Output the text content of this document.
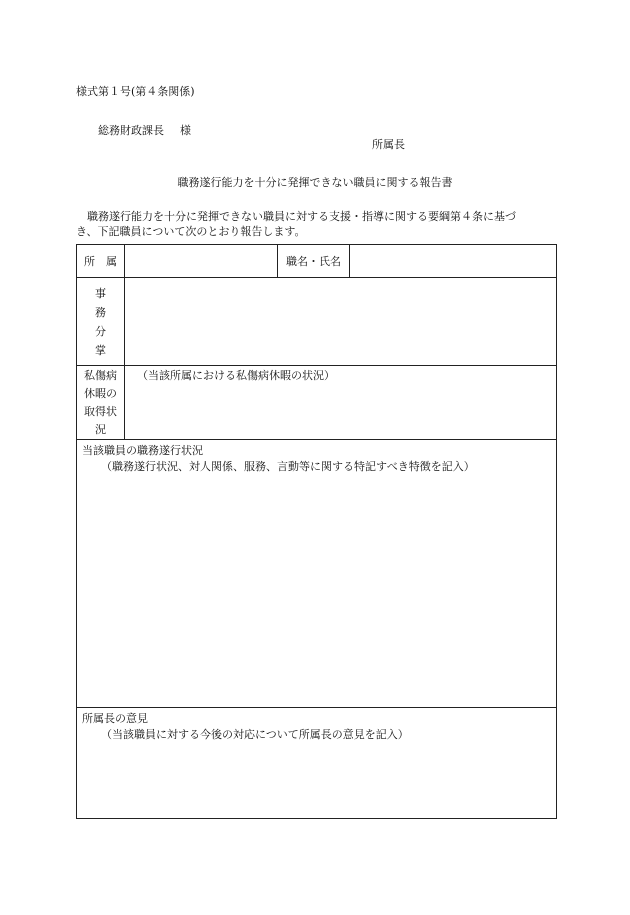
様式第１号(第４条関係)
総務財政課長 様
所属長
職務遂行能力を十分に発揮できない職員に関する報告書
職務遂行能力を十分に発揮できない職員に対する支援・指導に関する要綱第４条に基づ
き、下記職員について次のとおり報告します。
所　属		職名・氏名	

事
務
分
掌			

私傷病
休暇の
取得状
況	（当該所属における私傷病休暇の状況）		

当該職員の職務遂行状況
（職務遂行状況、対人関係、服務、言動等に関する特記すべき特徴を記入）			

所属長の意見
（当該職員に対する今後の対応について所属長の意見を記入）			
